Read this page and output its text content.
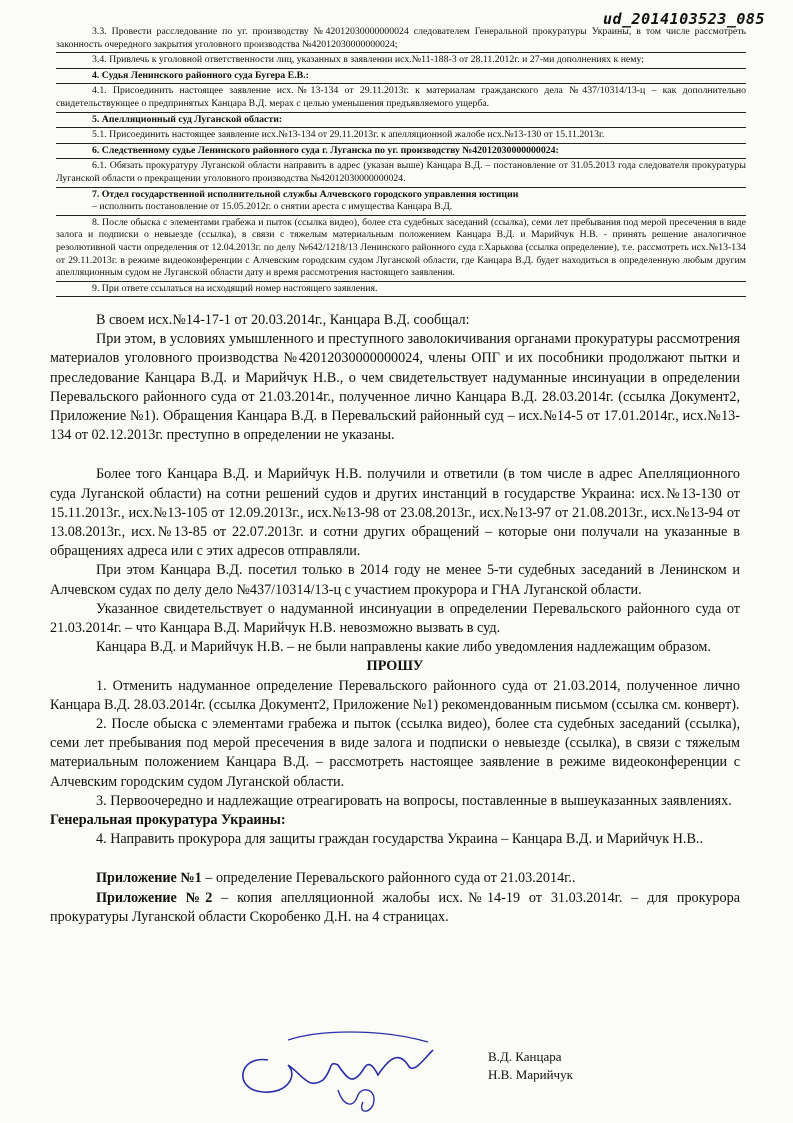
ud_2014103523_085

3.3. Провести расследование по уг. производству №42012030000000024 следователем Генеральной прокуратуры Украины, в том числе рассмотреть законность очередного закрытия уголовного производства №42012030000000024;

3.4. Привлечь к уголовной ответственности лиц, указанных в заявлении исх.№11-188-3 от 28.11.2012г. и 27-ми дополнениях к нему;

4. Судья Ленинского районного суда Бугера Е.В.:

4.1. Присоединить настоящее заявление исх.№13-134 от 29.11.2013г. к материалам гражданского дела №437/10314/13-ц – как дополнительно свидетельствующее о предпринятых Канцара В.Д. мерах с целью уменьшения предъявляемого ущерба.

5. Апелляционный суд Луганской области:

5.1. Присоединить настоящее заявление исх.№13-134 от 29.11.2013г. к апелляционной жалобе исх.№13-130 от 15.11.2013г.

6. Следственному судье Ленинского районного суда г. Луганска по уг. производству №42012030000000024:

6.1. Обязать прокуратуру Луганской области направить в адрес (указан выше) Канцара В.Д. – постановление от 31.05.2013 года следователя прокуратуры Луганской области о прекращении уголовного производства №42012030000000024.

7. Отдел государственной исполнительной службы Алчевского городского управления юстиции

– исполнить постановление от 15.05.2012г. о снятии ареста с имущества Канцара В.Д.

8. После обыска с элементами грабежа и пыток (ссылка видео), более ста судебных заседаний (ссылка), семи лет пребывания под мерой пресечения в виде залога и подписки о невыезде (ссылка), в связи с тяжелым материальным положением Канцара В.Д. и Марийчук Н.В. - принять решение аналогичное резолютивной части определения от 12.04.2013г. по делу №642/1218/13 Ленинского районного суда г.Харькова (ссылка определение), т.е. рассмотреть исх.№13-134 от 29.11.2013г. в режиме видеоконференции с Алчевским городским судом Луганской области, где Канцара В.Д. будет находиться в определенную любым другим апелляционным судом не Луганской области дату и время рассмотрения настоящего заявления.

9. При ответе ссылаться на исходящий номер настоящего заявления.

В своем исх.№14-17-1 от 20.03.2014г., Канцара В.Д. сообщал:

При этом, в условиях умышленного и преступного заволокичивания органами прокуратуры рассмотрения материалов уголовного производства №42012030000000024, члены ОПГ и их пособники продолжают пытки и преследование Канцара В.Д. и Марийчук Н.В., о чем свидетельствует надуманные инсинуации в определении Перевальского районного суда от 21.03.2014г., полученное лично Канцара В.Д. 28.03.2014г. (ссылка Документ2, Приложение №1). Обращения Канцара В.Д. в Перевальский районный суд – исх.№14-5 от 17.01.2014г., исх.№13-134 от 02.12.2013г. преступно в определении не указаны.

Более того Канцара В.Д. и Марийчук Н.В. получили и ответили (в том числе в адрес Апелляционного суда Луганской области) на сотни решений судов и других инстанций в государстве Украина: исх.№13-130 от 15.11.2013г., исх.№13-105 от 12.09.2013г., исх.№13-98 от 23.08.2013г., исх.№13-97 от 21.08.2013г., исх.№13-94 от 13.08.2013г., исх.№13-85 от 22.07.2013г. и сотни других обращений – которые они получали на указанные в обращениях адреса или с этих адресов отправляли.

При этом Канцара В.Д. посетил только в 2014 году не менее 5-ти судебных заседаний в Ленинском и Алчевском судах по делу дело №437/10314/13-ц с участием прокурора и ГНА Луганской области.

Указанное свидетельствует о надуманной инсинуации в определении Перевальского районного суда от 21.03.2014г. – что Канцара В.Д. Марийчук Н.В. невозможно вызвать в суд.

Канцара В.Д. и Марийчук Н.В. – не были направлены какие либо уведомления надлежащим образом.

ПРОШУ

1. Отменить надуманное определение Перевальского районного суда от 21.03.2014, полученное лично Канцара В.Д. 28.03.2014г. (ссылка Документ2, Приложение №1) рекомендованным письмом (ссылка см. конверт).

2. После обыска с элементами грабежа и пыток (ссылка видео), более ста судебных заседаний (ссылка), семи лет пребывания под мерой пресечения в виде залога и подписки о невыезде (ссылка), в связи с тяжелым материальным положением Канцара В.Д. – рассмотреть настоящее заявление в режиме видеоконференции с Алчевским городским судом Луганской области.

3. Первоочередно и надлежащие отреагировать на вопросы, поставленные в вышеуказанных заявлениях.

Генеральная прокуратура Украины:

4. Направить прокурора для защиты граждан государства Украина – Канцара В.Д. и Марийчук Н.В..

Приложение №1 – определение Перевальского районного суда от 21.03.2014г..

Приложение №2 – копия апелляционной жалобы исх.№14-19 от 31.03.2014г. – для прокурора прокуратуры Луганской области Скоробенко Д.Н. на 4 страницах.

В.Д. Канцара
Н.В. Марийчук
